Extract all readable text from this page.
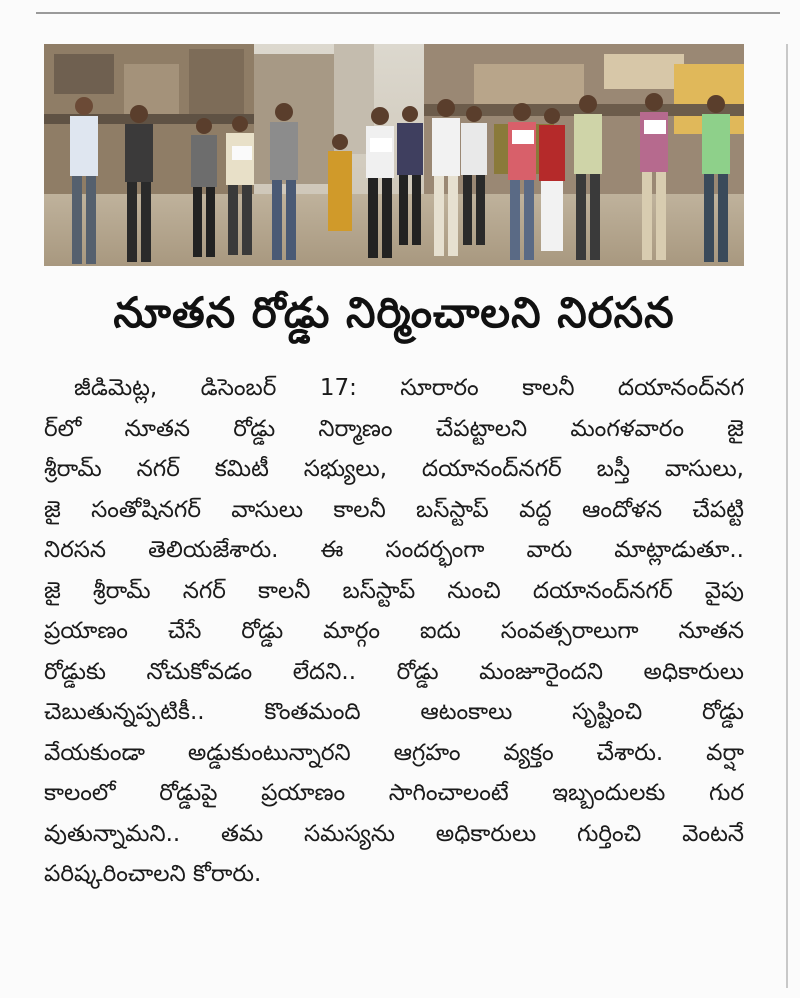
నూతన రోడ్డు నిర్మించాలని నిరసన
జీడిమెట్ల, డిసెంబర్ 17: సూరారం కాలనీ దయానంద్‌నగ
ర్‌లో నూతన రోడ్డు నిర్మాణం చేపట్టాలని మంగళవారం జై
శ్రీరామ్ నగర్ కమిటీ సభ్యులు, దయానంద్‌నగర్ బస్తీ వాసులు,
జై సంతోషినగర్ వాసులు కాలనీ బస్‌స్టాప్ వద్ద ఆందోళన చేపట్టి
నిరసన తెలియజేశారు. ఈ సందర్భంగా వారు మాట్లాడుతూ..
జై శ్రీరామ్ నగర్ కాలనీ బస్‌స్టాప్ నుంచి దయానంద్‌నగర్ వైపు
ప్రయాణం చేసే రోడ్డు మార్గం ఐదు సంవత్సరాలుగా నూతన
రోడ్డుకు నోచుకోవడం లేదని.. రోడ్డు మంజూరైందని అధికారులు
చెబుతున్నప్పటికీ.. కొంతమంది ఆటంకాలు సృష్టించి రోడ్డు
వేయకుండా అడ్డుకుంటున్నారని ఆగ్రహం వ్యక్తం చేశారు. వర్షా
కాలంలో రోడ్డుపై ప్రయాణం సాగించాలంటే ఇబ్బందులకు గుర
వుతున్నామని.. తమ సమస్యను అధికారులు గుర్తించి వెంటనే
పరిష్కరించాలని కోరారు.
